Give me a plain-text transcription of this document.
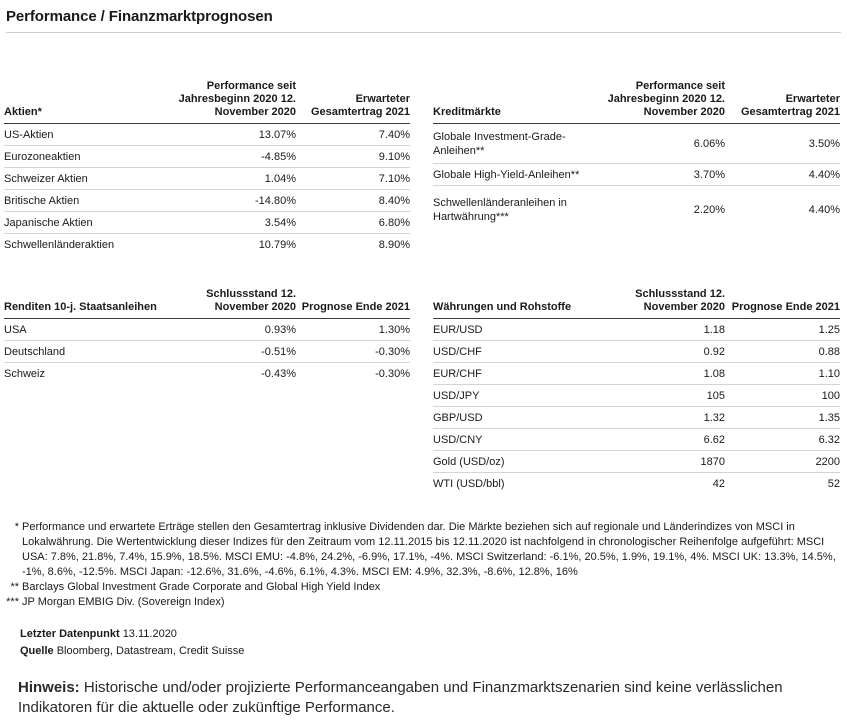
Performance / Finanzmarktprognosen
Aktien*	Performance seit Jahresbeginn 2020 12. November 2020	Erwarteter Gesamtertrag 2021
US-Aktien	13.07%	7.40%
Eurozoneaktien	-4.85%	9.10%
Schweizer Aktien	1.04%	7.10%
Britische Aktien	-14.80%	8.40%
Japanische Aktien	3.54%	6.80%
Schwellenländeraktien	10.79%	8.90%
Kreditmärkte	Performance seit Jahresbeginn 2020 12. November 2020	Erwarteter Gesamtertrag 2021
Globale Investment-Grade-Anleihen**	6.06%	3.50%
Globale High-Yield-Anleihen**	3.70%	4.40%
Schwellenländeranleihen in Hartwährung***	2.20%	4.40%
Renditen 10-j. Staatsanleihen	Schlussstand 12. November 2020	Prognose Ende 2021
USA	0.93%	1.30%
Deutschland	-0.51%	-0.30%
Schweiz	-0.43%	-0.30%
Währungen und Rohstoffe	Schlussstand 12. November 2020	Prognose Ende 2021
EUR/USD	1.18	1.25
USD/CHF	0.92	0.88
EUR/CHF	1.08	1.10
USD/JPY	105	100
GBP/USD	1.32	1.35
USD/CNY	6.62	6.32
Gold (USD/oz)	1870	2200
WTI (USD/bbl)	42	52
* Performance und erwartete Erträge stellen den Gesamtertrag inklusive Dividenden dar. Die Märkte beziehen sich auf regionale und Länderindizes von MSCI in Lokalwährung. Die Wertentwicklung dieser Indizes für den Zeitraum vom 12.11.2015 bis 12.11.2020 ist nachfolgend in chronologischer Reihenfolge aufgeführt: MSCI USA: 7.8%, 21.8%, 7.4%, 15.9%, 18.5%. MSCI EMU: -4.8%, 24.2%, -6.9%, 17.1%, -4%. MSCI Switzerland: -6.1%, 20.5%, 1.9%, 19.1%, 4%. MSCI UK: 13.3%, 14.5%, -1%, 8.6%, -12.5%. MSCI Japan: -12.6%, 31.6%, -4.6%, 6.1%, 4.3%. MSCI EM: 4.9%, 32.3%, -8.6%, 12.8%, 16%
** Barclays Global Investment Grade Corporate and Global High Yield Index
*** JP Morgan EMBIG Div. (Sovereign Index)
Letzter Datenpunkt 13.11.2020
Quelle Bloomberg, Datastream, Credit Suisse
Hinweis: Historische und/oder projizierte Performanceangaben und Finanzmarktszenarien sind keine verlässlichen Indikatoren für die aktuelle oder zukünftige Performance.
